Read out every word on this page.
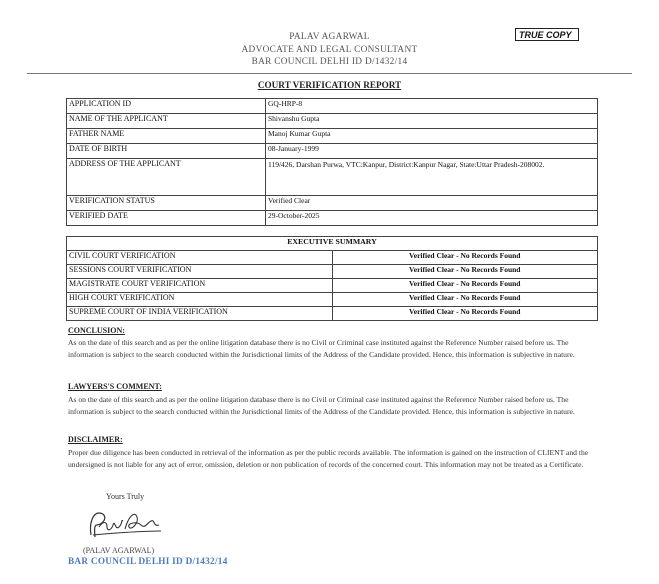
PALAV AGARWAL
ADVOCATE AND LEGAL CONSULTANT
BAR COUNCIL DELHI ID D/1432/14
TRUE COPY
COURT VERIFICATION REPORT
APPLICATION ID	GQ-HRP-8
NAME OF THE APPLICANT	Shivanshu Gupta
FATHER NAME	Manoj Kumar Gupta
DATE OF BIRTH	08-January-1999
ADDRESS OF THE APPLICANT	119/426, Darshan Purwa, VTC:Kanpur, District:Kanpur Nagar, State:Uttar Pradesh-208002.
VERIFICATION STATUS	Verified Clear
VERIFIED DATE	29-October-2025
EXECUTIVE SUMMARY	
CIVIL COURT VERIFICATION	Verified Clear - No Records Found
SESSIONS COURT VERIFICATION	Verified Clear - No Records Found
MAGISTRATE COURT VERIFICATION	Verified Clear - No Records Found
HIGH COURT VERIFICATION	Verified Clear - No Records Found
SUPREME COURT OF INDIA VERIFICATION	Verified Clear - No Records Found
CONCLUSION:
As on the date of this search and as per the online litigation database there is no Civil or Criminal case instituted against the Reference Number raised before us. The information is subject to the search conducted within the Jurisdictional limits of the Address of the Candidate provided. Hence, this information is subjective in nature.
LAWYERS'S COMMENT:
As on the date of this search and as per the online litigation database there is no Civil or Criminal case instituted against the Reference Number raised before us. The information is subject to the search conducted within the Jurisdictional limits of the Address of the Candidate provided. Hence, this information is subjective in nature.
DISCLAIMER:
Proper due diligence has been conducted in retrieval of the information as per the public records available. The information is gained on the instruction of CLIENT and the undersigned is not liable for any act of error, omission, deletion or non publication of records of the concerned court. This information may not be treated as a Certificate.
Yours Truly
(PALAV AGARWAL)
BAR COUNCIL DELHI ID D/1432/14
